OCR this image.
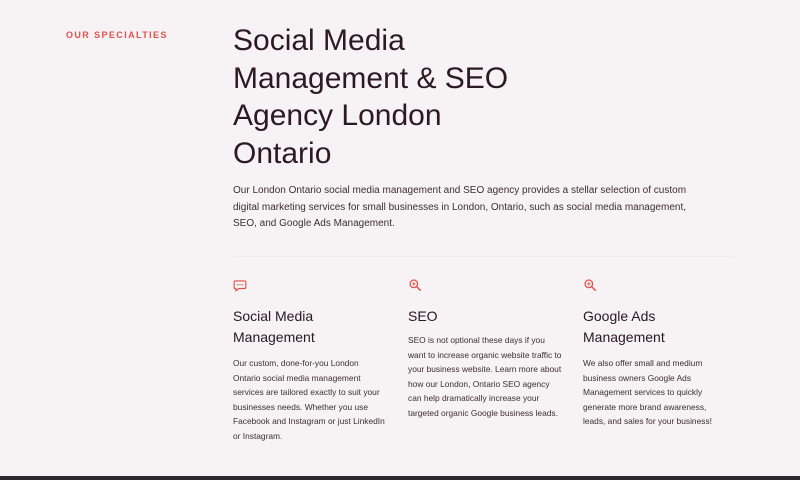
OUR SPECIALTIES Social Media Management & SEO Agency London Ontario

Our London Ontario social media management and SEO agency provides a stellar selection of custom digital marketing services for small businesses in London, Ontario, such as social media management, SEO, and Google Ads Management.

Social Media Management

Our custom, done-for-you London Ontario social media management services are tailored exactly to suit your businesses needs. Whether you use Facebook and Instagram or just LinkedIn or Instagram.

SEO

SEO is not optional these days if you want to increase organic website traffic to your business website. Learn more about how our London, Ontario SEO agency can help dramatically increase your targeted organic Google business leads.

Google Ads Management

We also offer small and medium business owners Google Ads Management services to quickly generate more brand awareness, leads, and sales for your business!
